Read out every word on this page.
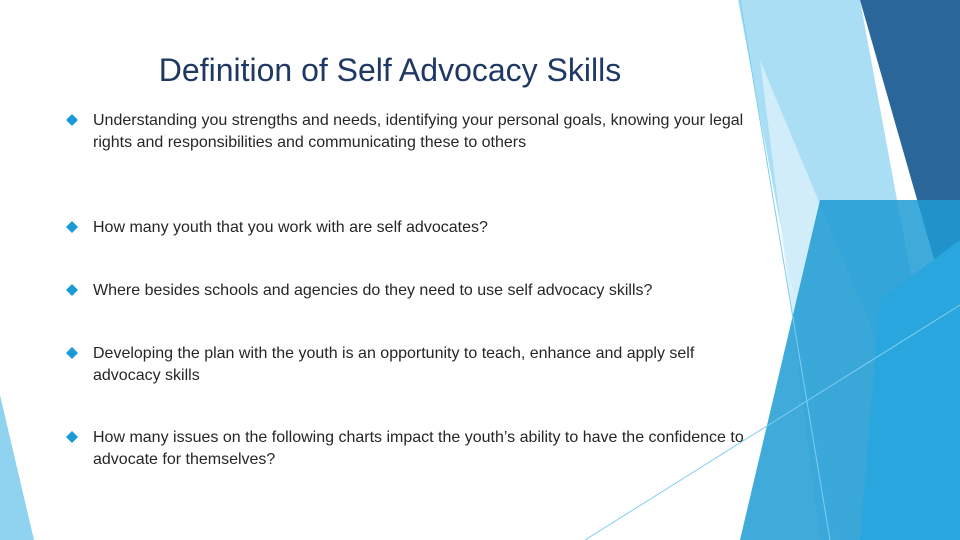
Definition of Self Advocacy Skills
Understanding you strengths and needs, identifying your personal goals, knowing your legal rights and responsibilities and communicating these to others
How many youth that you work with are self advocates?
Where besides schools and agencies do they need to use self advocacy skills?
Developing the plan with the youth is an opportunity to teach, enhance and apply self advocacy skills
How many issues on the following charts impact the youth’s ability to have the confidence to advocate for themselves?
